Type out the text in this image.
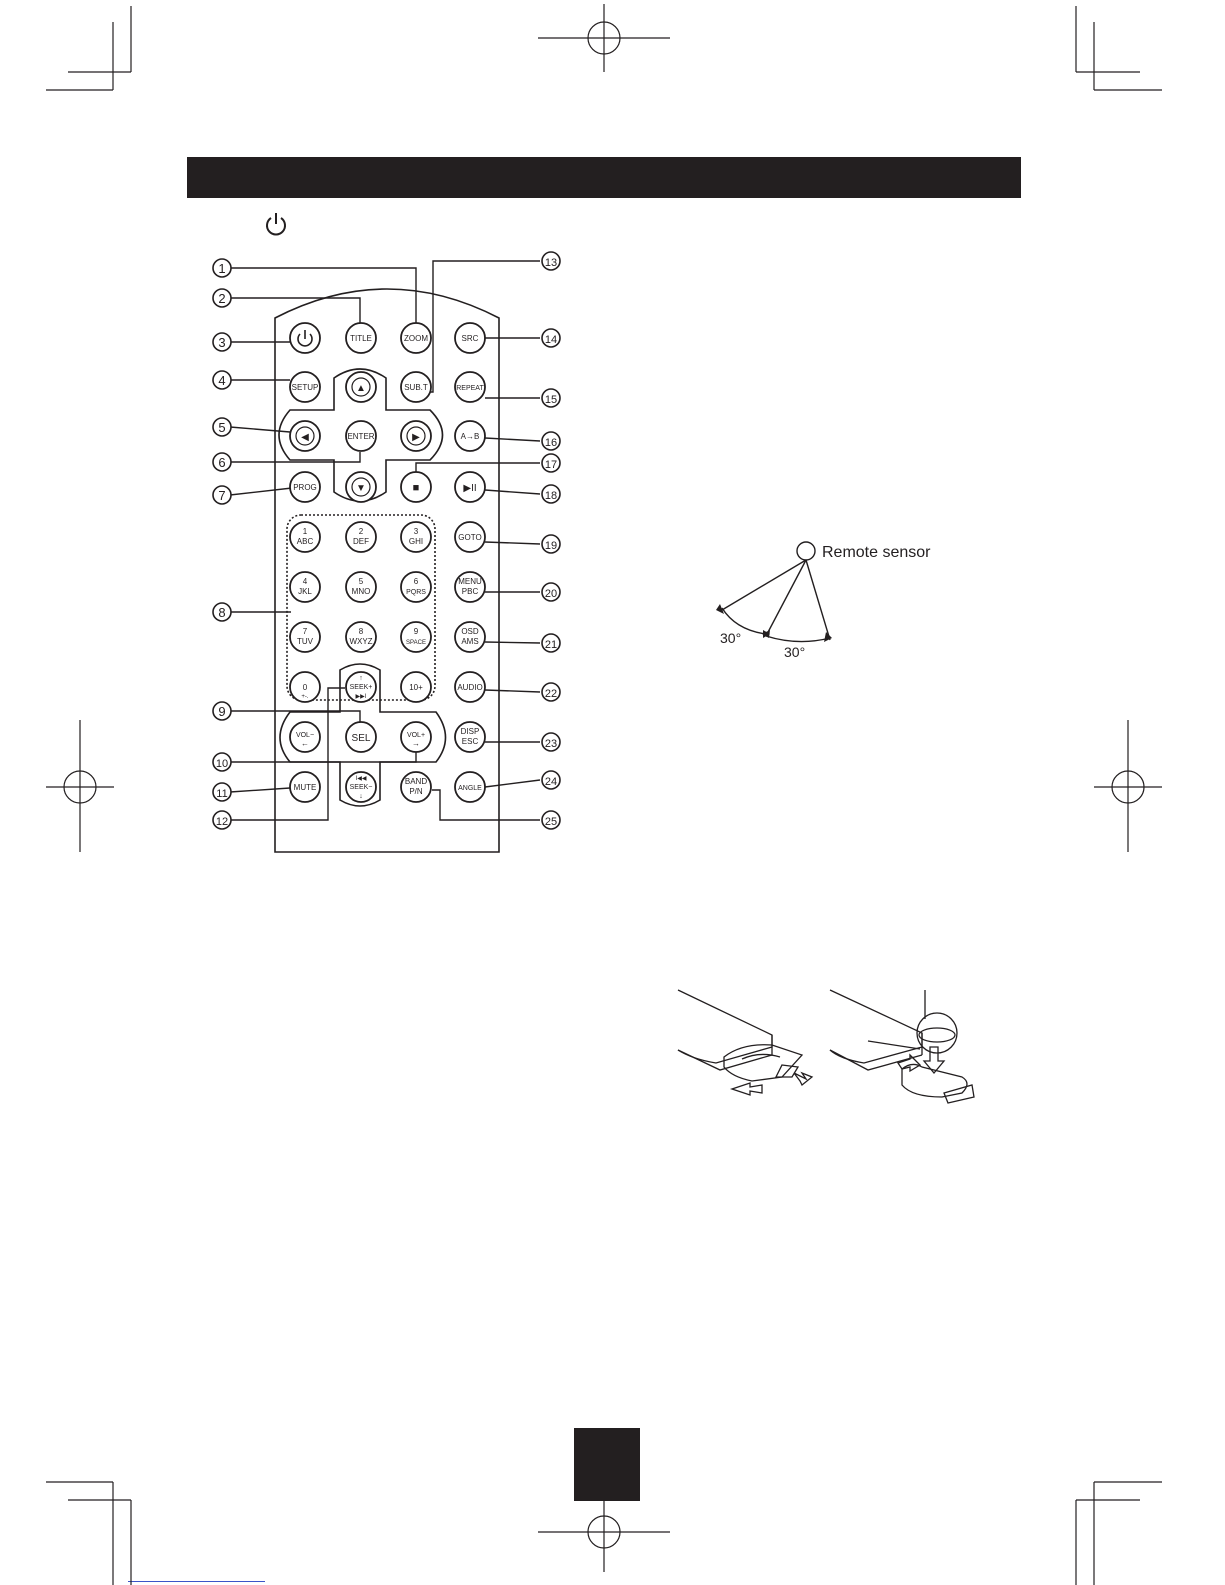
1
2
3
4
5
6
7
8
9
10
11
12
13
14
15
16
17
18
19
20
21
22
23
24
25
TITLE	ZOOM	SRC
SETUP	▲	SUB.T	REPEAT
◀	ENTER	▶	A→B
PROG	▼	■	▶II
1
ABC
2
DEF
3
GHI	GOTO
4
JKL
5
MNO
6
PQRS
MENU
PBC
7
TUV
8
WXYZ
9
SPACE
OSD
AMS
0
+-.
↑
SEEK+
▶▶I
10+	AUDIO
VOL−
←	SEL	VOL+
→
DISP
ESC
MUTE
I◀◀
SEEK−
↓
BAND
P/N	ANGLE
Remote sensor
30°
30°
